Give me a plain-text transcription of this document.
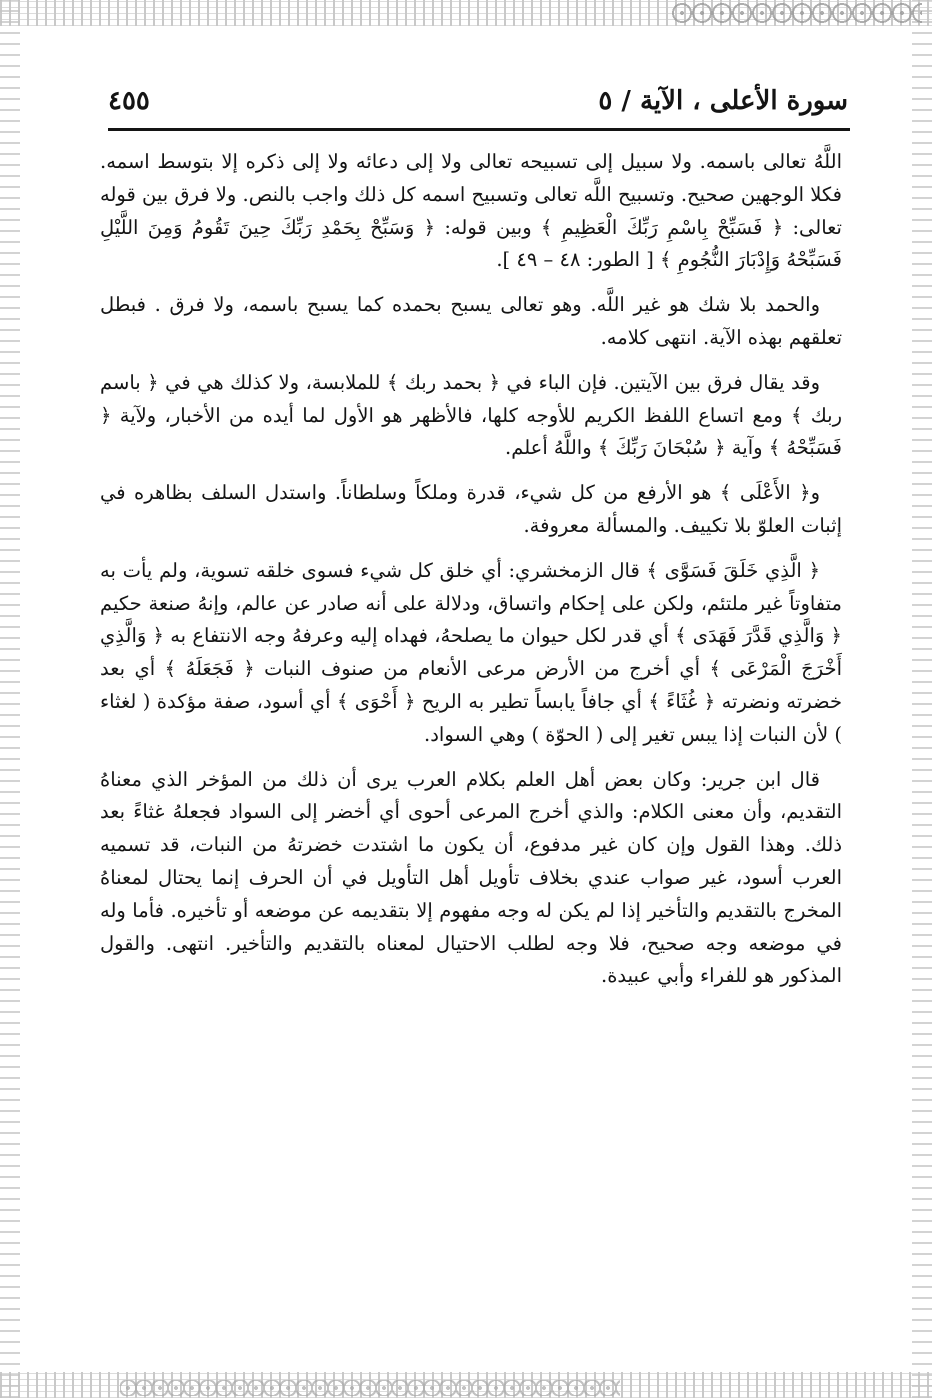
سورة الأعلى ، الآية / ٥
٤٥٥

اللَّهُ تعالى باسمه. ولا سبيل إلى تسبيحه تعالى ولا إلى دعائه ولا إلى ذكره إلا بتوسط اسمه. فكلا الوجهين صحيح. وتسبيح اللَّه تعالى وتسبيح اسمه كل ذلك واجب بالنص. ولا فرق بين قوله تعالى: ﴿ فَسَبِّحْ بِاسْمِ رَبِّكَ الْعَظِيمِ ﴾ وبين قوله: ﴿ وَسَبِّحْ بِحَمْدِ رَبِّكَ حِينَ تَقُومُ وَمِنَ اللَّيْلِ فَسَبِّحْهُ وَإِدْبَارَ النُّجُومِ ﴾ [ الطور: ٤٨ – ٤٩ ].

والحمد بلا شك هو غير اللَّه. وهو تعالى يسبح بحمده كما يسبح باسمه، ولا فرق . فبطل تعلقهم بهذه الآية. انتهى كلامه.

وقد يقال فرق بين الآيتين. فإن الباء في ﴿ بحمد ربك ﴾ للملابسة، ولا كذلك هي في ﴿ باسم ربك ﴾ ومع اتساع اللفظ الكريم للأوجه كلها، فالأظهر هو الأول لما أيده من الأخبار، ولآية ﴿ فَسَبِّحْهُ ﴾ وآية ﴿ سُبْحَانَ رَبِّكَ ﴾ واللَّهُ أعلم.

و﴿ الأَعْلَى ﴾ هو الأرفع من كل شيء، قدرة وملكاً وسلطاناً. واستدل السلف بظاهره في إثبات العلوّ بلا تكييف. والمسألة معروفة.

﴿ الَّذِي خَلَقَ فَسَوَّى ﴾ قال الزمخشري: أي خلق كل شيء فسوى خلقه تسوية، ولم يأت به متفاوتاً غير ملتئم، ولكن على إحكام واتساق، ودلالة على أنه صادر عن عالم، وإنهُ صنعة حكيم ﴿ وَالَّذِي قَدَّرَ فَهَدَى ﴾ أي قدر لكل حيوان ما يصلحهُ، فهداه إليه وعرفهُ وجه الانتفاع به ﴿ وَالَّذِي أَخْرَجَ الْمَرْعَى ﴾ أي أخرج من الأرض مرعى الأنعام من صنوف النبات ﴿ فَجَعَلَهُ ﴾ أي بعد خضرته ونضرته ﴿ غُثَاءً ﴾ أي جافاً يابساً تطير به الريح ﴿ أَحْوَى ﴾ أي أسود، صفة مؤكدة ( لغثاء ) لأن النبات إذا يبس تغير إلى ( الحوّة ) وهي السواد.

قال ابن جرير: وكان بعض أهل العلم بكلام العرب يرى أن ذلك من المؤخر الذي معناهُ التقديم، وأن معنى الكلام: والذي أخرج المرعى أحوى أي أخضر إلى السواد فجعلهُ غثاءً بعد ذلك. وهذا القول وإن كان غير مدفوع، أن يكون ما اشتدت خضرتهُ من النبات، قد تسميه العرب أسود، غير صواب عندي بخلاف تأويل أهل التأويل في أن الحرف إنما يحتال لمعناهُ المخرج بالتقديم والتأخير إذا لم يكن له وجه مفهوم إلا بتقديمه عن موضعه أو تأخيره. فأما وله في موضعه وجه صحيح، فلا وجه لطلب الاحتيال لمعناه بالتقديم والتأخير. انتهى. والقول المذكور هو للفراء وأبي عبيدة.
